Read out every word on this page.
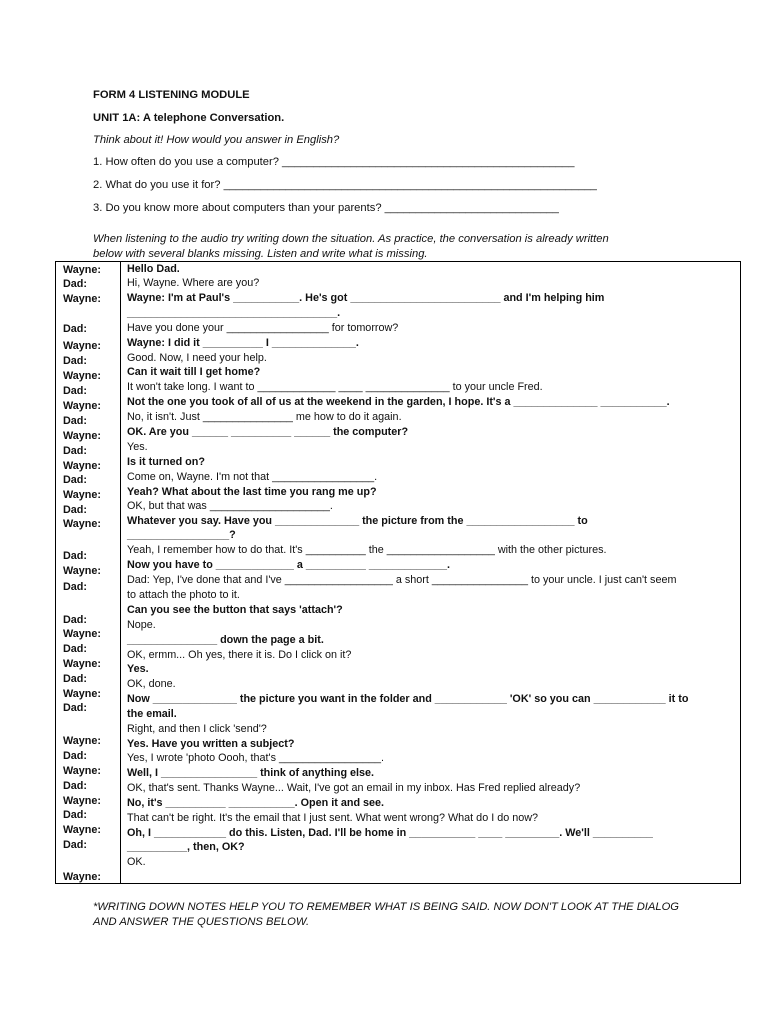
FORM 4 LISTENING MODULE
UNIT 1A: A telephone Conversation.
Think about it! How would you answer in English?
1. How often do you use a computer? _______________________________________________
2. What do you use it for? ____________________________________________________________
3. Do you know more about computers than your parents? ____________________________
When listening to the audio try writing down the situation. As practice, the conversation is already written
below with several blanks missing. Listen and write what is missing.
*WRITING DOWN NOTES HELP YOU TO REMEMBER WHAT IS BEING SAID. NOW DON'T LOOK AT THE DIALOG
AND ANSWER THE QUESTIONS BELOW.
Wayne:
Dad:
Wayne:
Dad:
Wayne:
Dad:
Wayne:
Dad:
Wayne:
Dad:
Wayne:
Dad:
Wayne:
Dad:
Wayne:
Dad:
Wayne:
Dad:
Wayne:
Dad:
Dad:
Wayne:
Dad:
Wayne:
Dad:
Wayne:
Dad:
Wayne:
Dad:
Wayne:
Dad:
Wayne:
Dad:
Wayne:
Dad:
Wayne:
Hello Dad.
Hi, Wayne. Where are you?
Wayne: I'm at Paul's ___________. He's got _________________________ and I'm helping him
___________________________________.
Have you done your _________________ for tomorrow?
Wayne: I did it __________ I ______________.
Good. Now, I need your help.
Can it wait till I get home?
It won't take long. I want to _____________ ____ ______________ to your uncle Fred.
Not the one you took of all of us at the weekend in the garden, I hope. It's a ______________ ___________.
No, it isn't. Just _______________ me how to do it again.
OK. Are you ______ __________ ______ the computer?
Yes.
Is it turned on?
Come on, Wayne. I'm not that _________________.
Yeah? What about the last time you rang me up?
OK, but that was ____________________.
Whatever you say. Have you ______________ the picture from the __________________ to
_________________?
Yeah, I remember how to do that. It's __________ the __________________ with the other pictures.
Now you have to _____________ a __________ _____________.
Dad: Yep, I've done that and I've __________________ a short ________________ to your uncle. I just can't seem
to attach the photo to it.
Can you see the button that says 'attach'?
Nope.
_______________ down the page a bit.
OK, ermm... Oh yes, there it is. Do I click on it?
Yes.
OK, done.
Now ______________ the picture you want in the folder and ____________ 'OK' so you can ____________ it to
the email.
Right, and then I click 'send'?
Yes. Have you written a subject?
Yes, I wrote 'photo Oooh, that's _________________.
Well, I ________________ think of anything else.
OK, that's sent. Thanks Wayne... Wait, I've got an email in my inbox. Has Fred replied already?
No, it's __________ ___________. Open it and see.
That can't be right. It's the email that I just sent. What went wrong? What do I do now?
Oh, I ____________ do this. Listen, Dad. I'll be home in ___________ ____ _________. We'll __________
__________, then, OK?
OK.
